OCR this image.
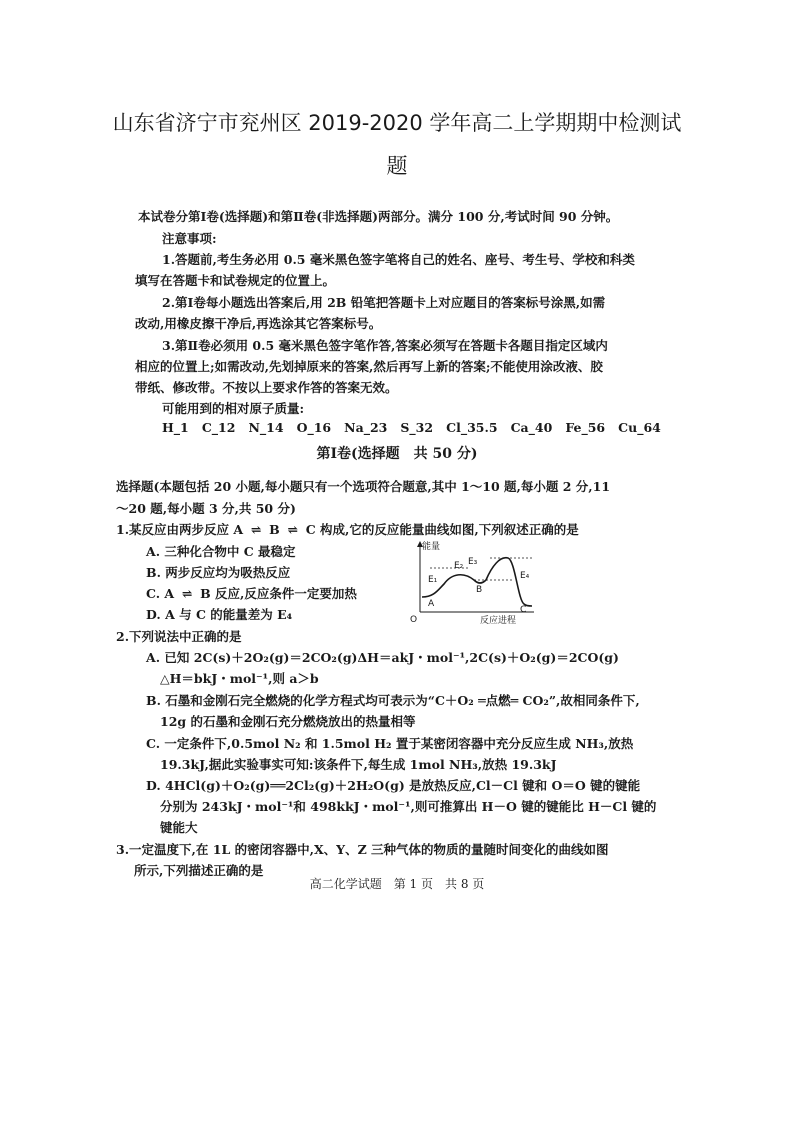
山东省济宁市兖州区 2019-2020 学年高二上学期期中检测试
题
本试卷分第Ⅰ卷(选择题)和第Ⅱ卷(非选择题)两部分。满分 100 分,考试时间 90 分钟。
注意事项:
1.答题前,考生务必用 0.5 毫米黑色签字笔将自己的姓名、座号、考生号、学校和科类
填写在答题卡和试卷规定的位置上。
2.第Ⅰ卷每小题选出答案后,用 2B 铅笔把答题卡上对应题目的答案标号涂黑,如需
改动,用橡皮擦干净后,再选涂其它答案标号。
3.第Ⅱ卷必须用 0.5 毫米黑色签字笔作答,答案必须写在答题卡各题目指定区域内
相应的位置上;如需改动,先划掉原来的答案,然后再写上新的答案;不能使用涂改液、胶
带纸、修改带。不按以上要求作答的答案无效。
可能用到的相对原子质量:
H_1   C_12   N_14   O_16   Na_23   S_32   Cl_35.5   Ca_40   Fe_56   Cu_64
第Ⅰ卷(选择题　共 50 分)
选择题(本题包括 20 小题,每小题只有一个选项符合题意,其中 1～10 题,每小题 2 分,11
～20 题,每小题 3 分,共 50 分)
1.某反应由两步反应 A ⇌ B ⇌ C 构成,它的反应能量曲线如图,下列叙述正确的是
A. 三种化合物中 C 最稳定
B. 两步反应均为吸热反应
C. A ⇌ B 反应,反应条件一定要加热
D. A 与 C 的能量差为 E₄
能量
O	反应进程
E₁
E₂ E₃
E₄
A
B
C
2.下列说法中正确的是
A. 已知 2C(s)＋2O₂(g)＝2CO₂(g)ΔH＝akJ・mol⁻¹,2C(s)＋O₂(g)＝2CO(g)
△H＝bkJ・mol⁻¹,则 a＞b
B. 石墨和金刚石完全燃烧的化学方程式均可表示为“C＋O₂ ═点燃═ CO₂”,故相同条件下,
12g 的石墨和金刚石充分燃烧放出的热量相等
C. 一定条件下,0.5mol N₂ 和 1.5mol H₂ 置于某密闭容器中充分反应生成 NH₃,放热
19.3kJ,据此实验事实可知:该条件下,每生成 1mol NH₃,放热 19.3kJ
D. 4HCl(g)＋O₂(g)══2Cl₂(g)＋2H₂O(g) 是放热反应,Cl－Cl 键和 O＝O 键的键能
分别为 243kJ・mol⁻¹和 498kkJ・mol⁻¹,则可推算出 H－O 键的键能比 H－Cl 键的
键能大
3.一定温度下,在 1L 的密闭容器中,X、Y、Z 三种气体的物质的量随时间变化的曲线如图
所示,下列描述正确的是
高二化学试题　第 1 页　共 8 页
